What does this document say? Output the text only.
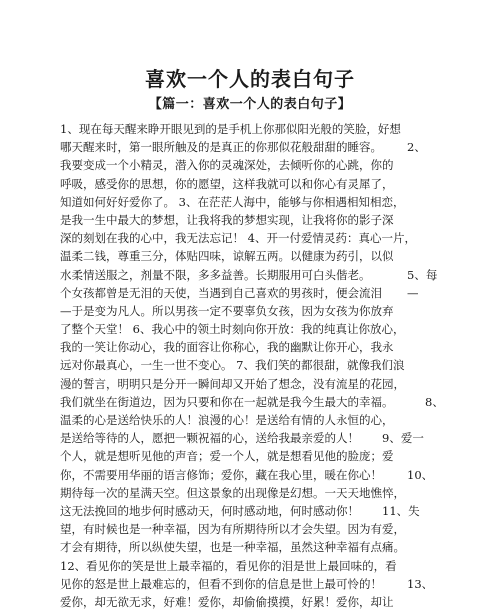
喜欢一个人的表白句子
【篇一：喜欢一个人的表白句子】
1、现在每天醒来睁开眼见到的是手机上你那似阳光般的笑脸，好想
哪天醒来时，第一眼所触及的是真正的你那似花般甜甜的睡容。 2、
我要变成一个小精灵，潜入你的灵魂深处，去倾听你的心跳，你的
呼吸，感受你的思想，你的愿望，这样我就可以和你心有灵犀了，
知道如何好好爱你了。 3、在茫茫人海中，能够与你相遇相知相恋，
是我一生中最大的梦想，让我将我的梦想实现，让我将你的影子深
深的刻划在我的心中，我无法忘记！ 4、开一付爱情灵药：真心一片，
温柔二钱，尊重三分，体贴四味，谅解五两。以健康为药引，以似
水柔情送服之，剂量不限，多多益善。长期服用可白头偕老。	5、每
个女孩都曾是无泪的天使，当遇到自己喜欢的男孩时，便会流泪 —
—于是变为凡人。所以男孩一定不要辜负女孩，因为女孩为你放弃
了整个天堂！ 6、我心中的领土时刻向你开放：我的纯真让你放心，
我的一笑让你动心，我的面容让你称心，我的幽默让你开心，我永
远对你最真心，一生一世不变心。 7、我们笑的都很甜，就像我们浪
漫的誓言，明明只是分开一瞬间却又开始了想念，没有流星的花园，
我们就坐在街道边，因为只要和你在一起就是我今生最大的幸福。	8、
温柔的心是送给快乐的人！浪漫的心！是送给有情的人永恒的心，
是送给等待的人，愿把一颗祝福的心，送给我最亲爱的人！ 9、爱一
个人，就是想听见他的声音；爱一个人，就是想看见他的脸庞；爱
你，不需要用华丽的语言修饰；爱你，藏在我心里，暖在你心！ 10、
期待每一次的星满天空。但这景象的出现像是幻想。一天天地憔悴，
这无法挽回的地步何时感动天，何时感动地，何时感动你！ 11、失
望，有时候也是一种幸福，因为有所期待所以才会失望。因为有爱，
才会有期待，所以纵使失望，也是一种幸福，虽然这种幸福有点痛。
12、看见你的笑是世上最幸福的，看见你的泪是世上最回味的，看
见你的怒是世上最难忘的，但看不到你的信息是世上最可怜的！ 13、
爱你，却无欲无求，好难！爱你，却偷偷摸摸，好累！爱你，却让
